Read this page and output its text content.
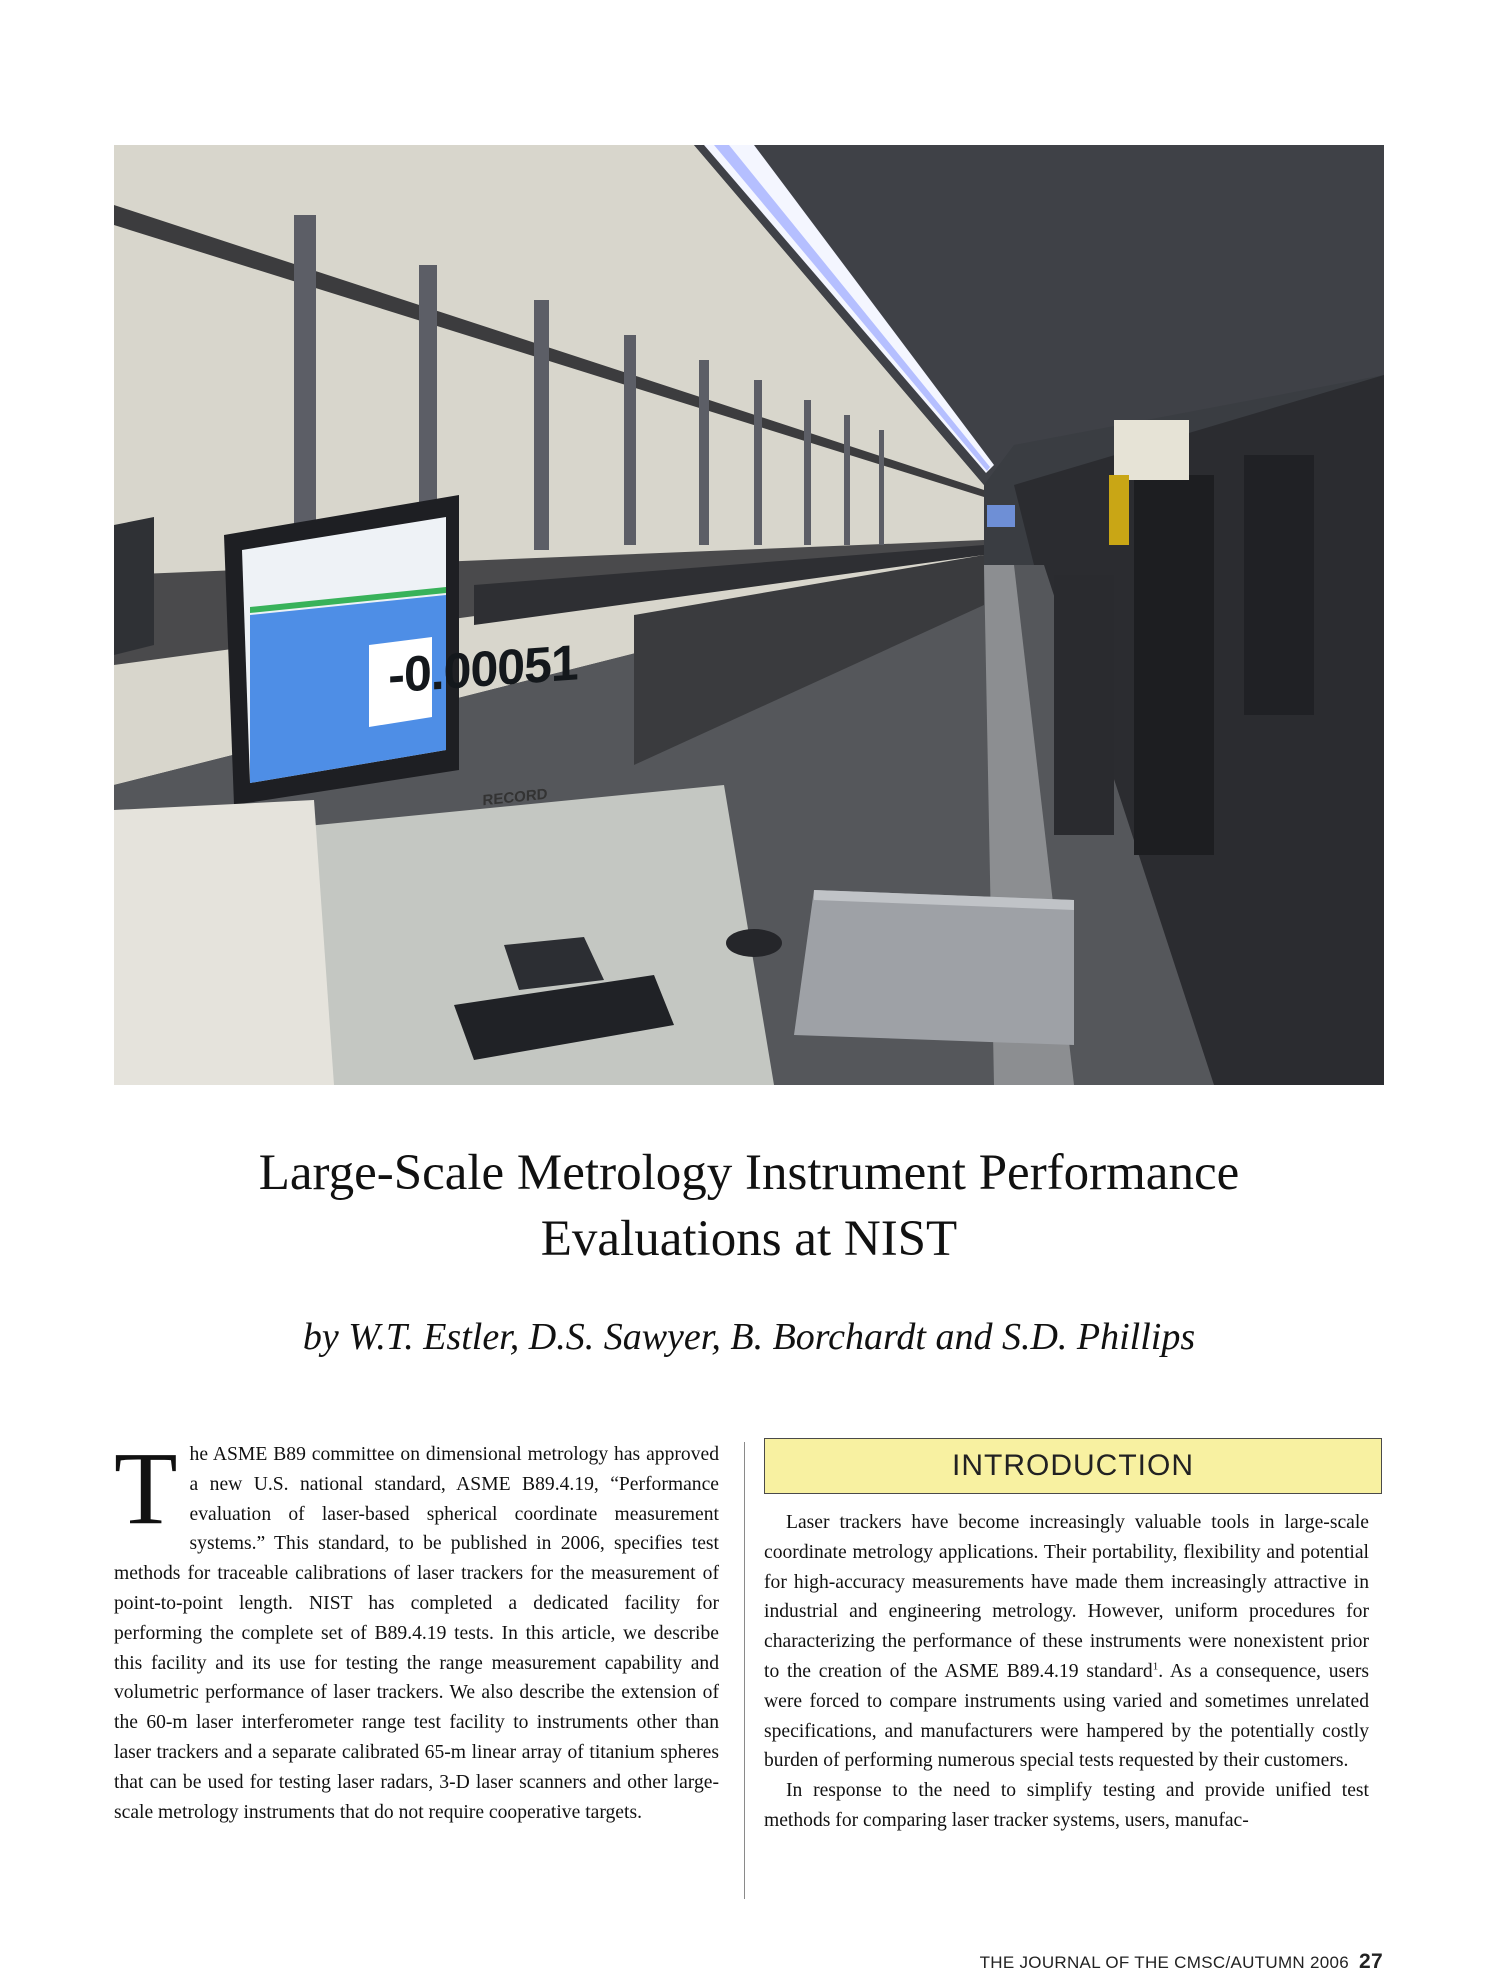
-0.00051
RECORD
Large-Scale Metrology Instrument Performance
Evaluations at NIST
by W.T. Estler, D.S. Sawyer, B. Borchardt and S.D. Phillips

The ASME B89 committee on dimensional metrology has approved a new U.S. national standard, ASME B89.4.19, “Performance evaluation of laser-based spherical coordinate measurement systems.” This standard, to be published in 2006, specifies test methods for traceable calibrations of laser trackers for the measurement of point-to-point length. NIST has completed a dedicated facility for performing the complete set of B89.4.19 tests. In this article, we describe this facility and its use for testing the range measurement capability and volumetric performance of laser trackers. We also describe the extension of the 60-m laser interferometer range test facility to instruments other than laser trackers and a separate calibrated 65-m linear array of titanium spheres that can be used for testing laser radars, 3-D laser scanners and other large-scale metrology instruments that do not require cooperative targets.

INTRODUCTION

Laser trackers have become increasingly valuable tools in large-scale coordinate metrology applications. Their portability, flexibility and potential for high-accuracy measurements have made them increasingly attractive in industrial and engineering metrology. However, uniform procedures for characterizing the performance of these instruments were nonexistent prior to the creation of the ASME B89.4.19 standard$^1$. As a consequence, users were forced to compare instruments using varied and sometimes unrelated specifications, and manufacturers were hampered by the potentially costly burden of performing numerous special tests requested by their customers.

In response to the need to simplify testing and provide unified test methods for comparing laser tracker systems, users, manufac-

THE JOURNAL OF THE CMSC/AUTUMN 2006 27
